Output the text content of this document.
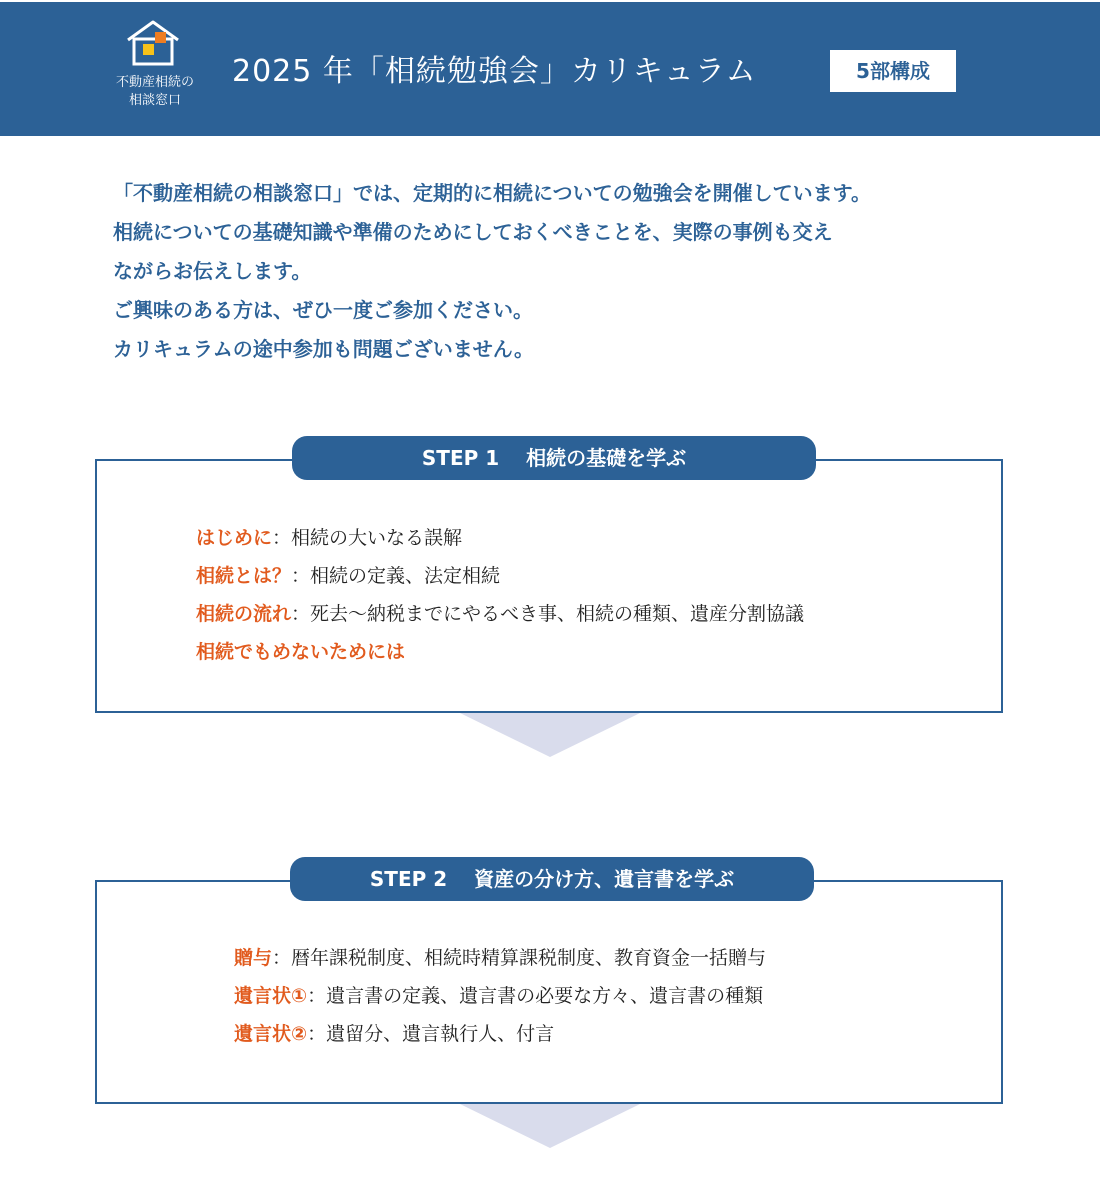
不動産相続の
相談窓口
2025 年「相続勉強会」カリキュラム	5部構成
「不動産相続の相談窓口」では、定期的に相続についての勉強会を開催しています。
相続についての基礎知識や準備のためにしておくべきことを、実際の事例も交え
ながらお伝えします。
ご興味のある方は、ぜひ一度ご参加ください。
カリキュラムの途中参加も問題ございません。
はじめに：相続の大いなる誤解
相続とは？：相続の定義、法定相続
相続の流れ：死去～納税までにやるべき事、相続の種類、遺産分割協議
相続でもめないためには
STEP 1　 相続の基礎を学ぶ
贈与：暦年課税制度、相続時精算課税制度、教育資金一括贈与
遺言状①：遺言書の定義、遺言書の必要な方々、遺言書の種類
遺言状②：遺留分、遺言執行人、付言
STEP 2　 資産の分け方、遺言書を学ぶ
